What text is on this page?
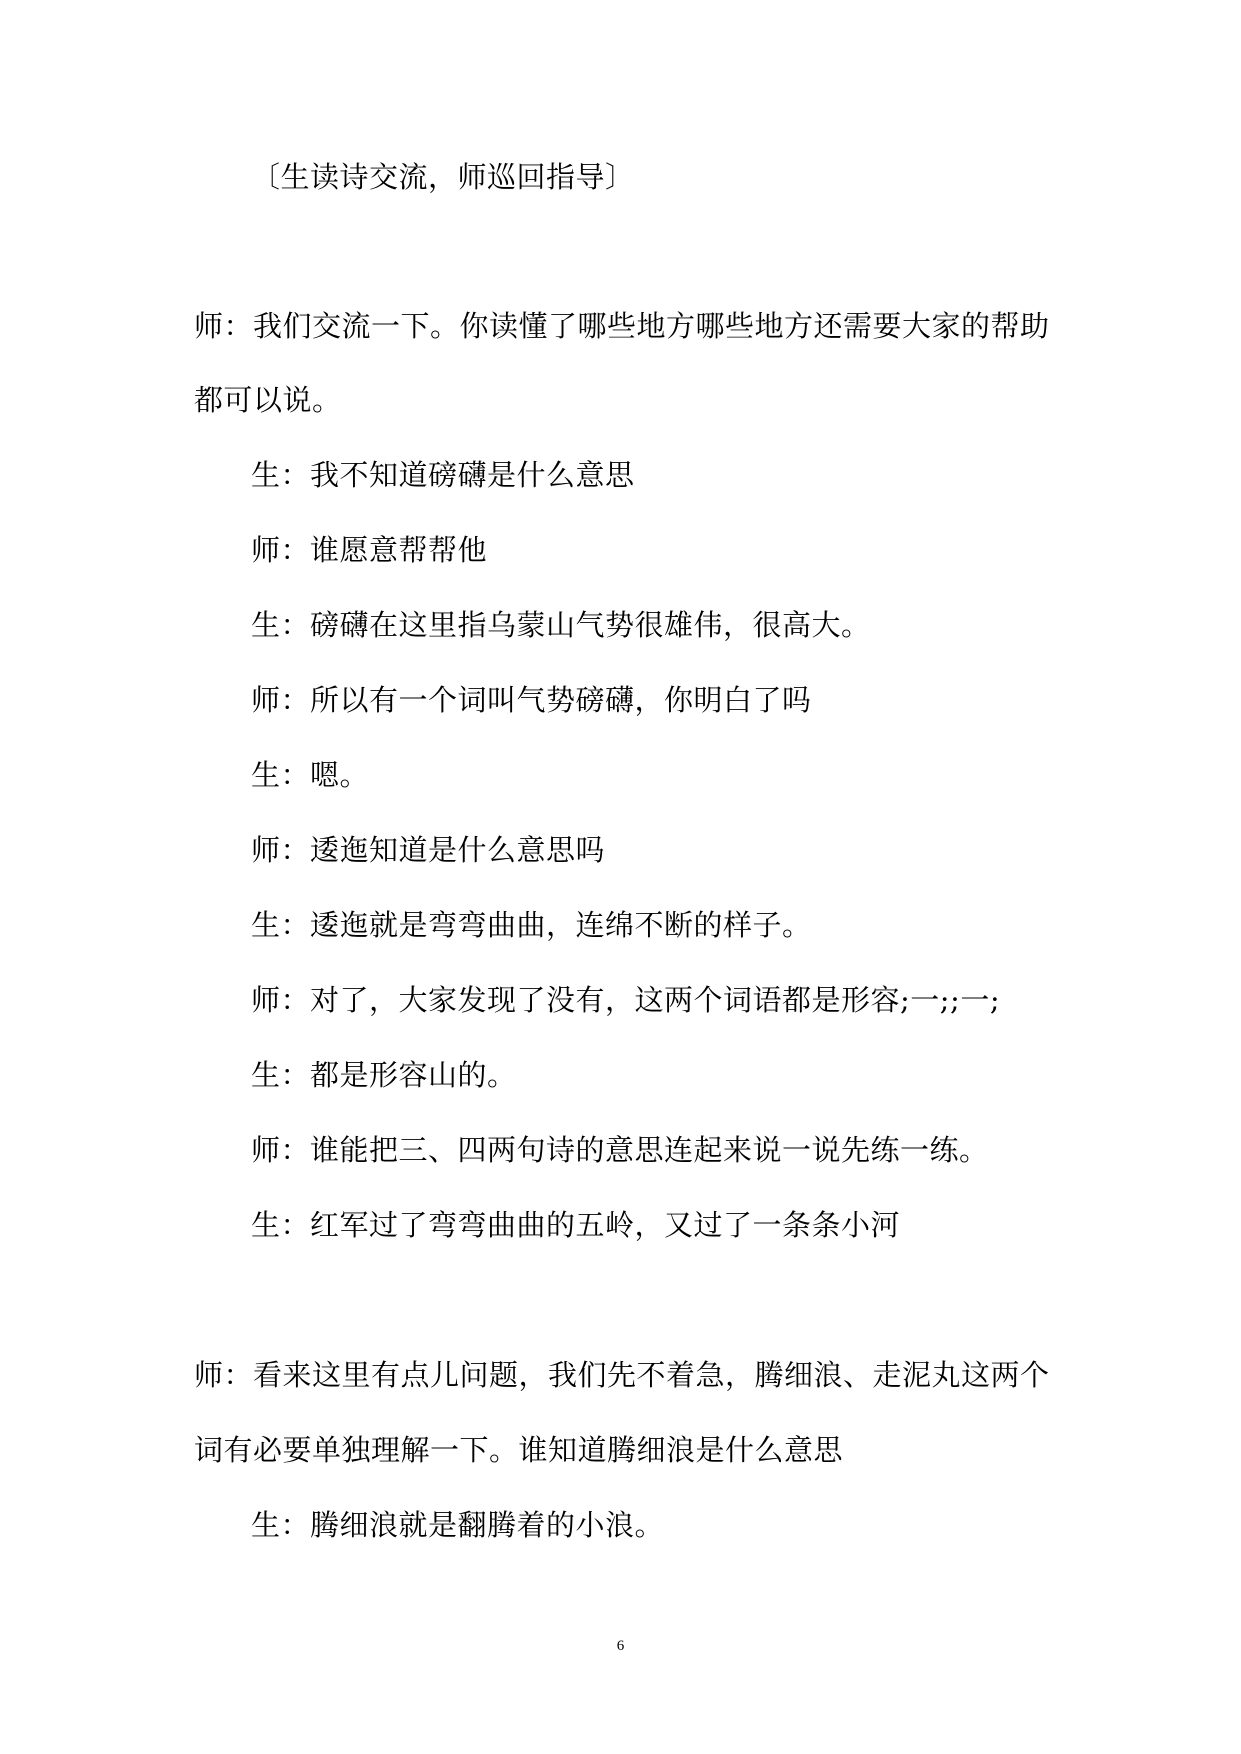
〔生读诗交流，师巡回指导〕

师：我们交流一下。你读懂了哪些地方哪些地方还需要大家的帮助

都可以说。

生：我不知道磅礴是什么意思

师：谁愿意帮帮他

生：磅礴在这里指乌蒙山气势很雄伟，很高大。

师：所以有一个词叫气势磅礴，你明白了吗

生：嗯。

师：逶迤知道是什么意思吗

生：逶迤就是弯弯曲曲，连绵不断的样子。

师：对了，大家发现了没有，这两个词语都是形容;一;;一;

生：都是形容山的。

师：谁能把三、四两句诗的意思连起来说一说先练一练。

生：红军过了弯弯曲曲的五岭，又过了一条条小河

师：看来这里有点儿问题，我们先不着急，腾细浪、走泥丸这两个

词有必要单独理解一下。谁知道腾细浪是什么意思

生：腾细浪就是翻腾着的小浪。

6
